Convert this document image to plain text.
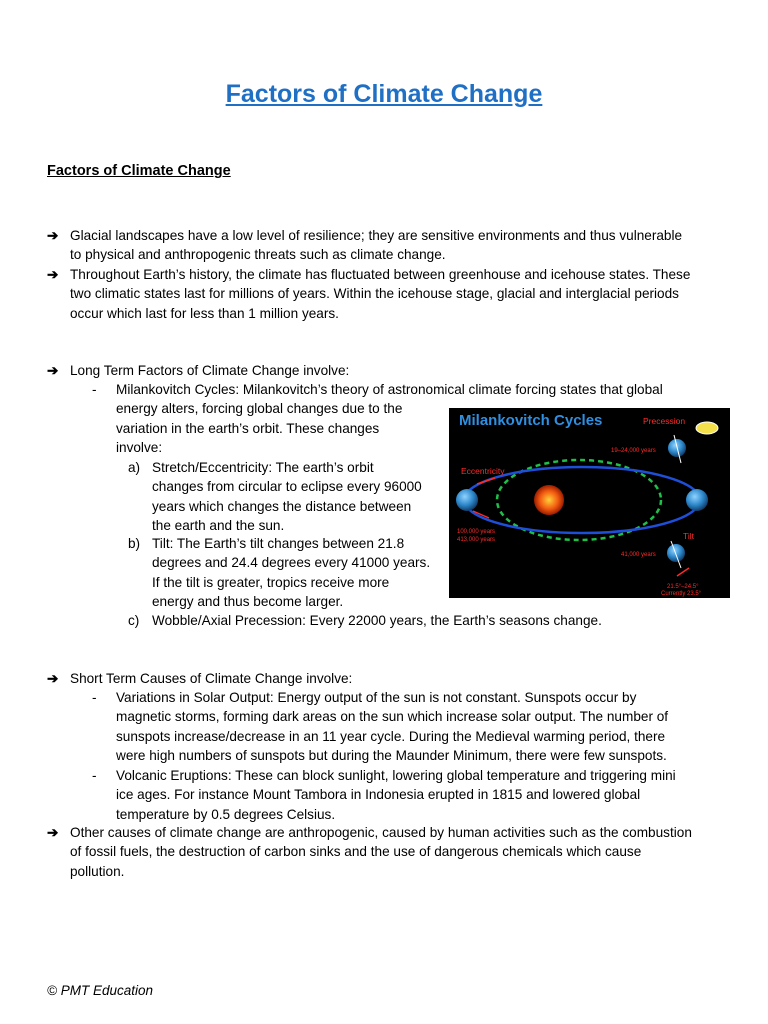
Factors of Climate Change
Factors of Climate Change
➔ Glacial landscapes have a low level of resilience; they are sensitive environments and thus vulnerable
to physical and anthropogenic threats such as climate change.
➔ Throughout Earth’s history, the climate has fluctuated between greenhouse and icehouse states. These
two climatic states last for millions of years. Within the icehouse stage, glacial and interglacial periods
occur which last for less than 1 million years.
➔ Long Term Factors of Climate Change involve:
- Milankovitch Cycles: Milankovitch’s theory of astronomical climate forcing states that global
energy alters, forcing global changes due to the
variation in the earth’s orbit. These changes
involve:
a) Stretch/Eccentricity: The earth’s orbit
changes from circular to eclipse every 96000
years which changes the distance between
the earth and the sun.
b) Tilt: The Earth’s tilt changes between 21.8
degrees and 24.4 degrees every 41000 years.
If the tilt is greater, tropics receive more
energy and thus become larger.
c) Wobble/Axial Precession: Every 22000 years, the Earth’s seasons change.
Milankovitch Cycles	Precession
19–24,000 years
Eccentricity
100,000 years
413,000 years	Tilt
41,000 years
21.5°–24.5°
Currently 23.5°
➔ Short Term Causes of Climate Change involve:
- Variations in Solar Output: Energy output of the sun is not constant. Sunspots occur by
magnetic storms, forming dark areas on the sun which increase solar output. The number of
sunspots increase/decrease in an 11 year cycle. During the Medieval warming period, there
were high numbers of sunspots but during the Maunder Minimum, there were few sunspots.
- Volcanic Eruptions: These can block sunlight, lowering global temperature and triggering mini
ice ages. For instance Mount Tambora in Indonesia erupted in 1815 and lowered global
temperature by 0.5 degrees Celsius.
➔ Other causes of climate change are anthropogenic, caused by human activities such as the combustion
of fossil fuels, the destruction of carbon sinks and the use of dangerous chemicals which cause
pollution.
© PMT Education
